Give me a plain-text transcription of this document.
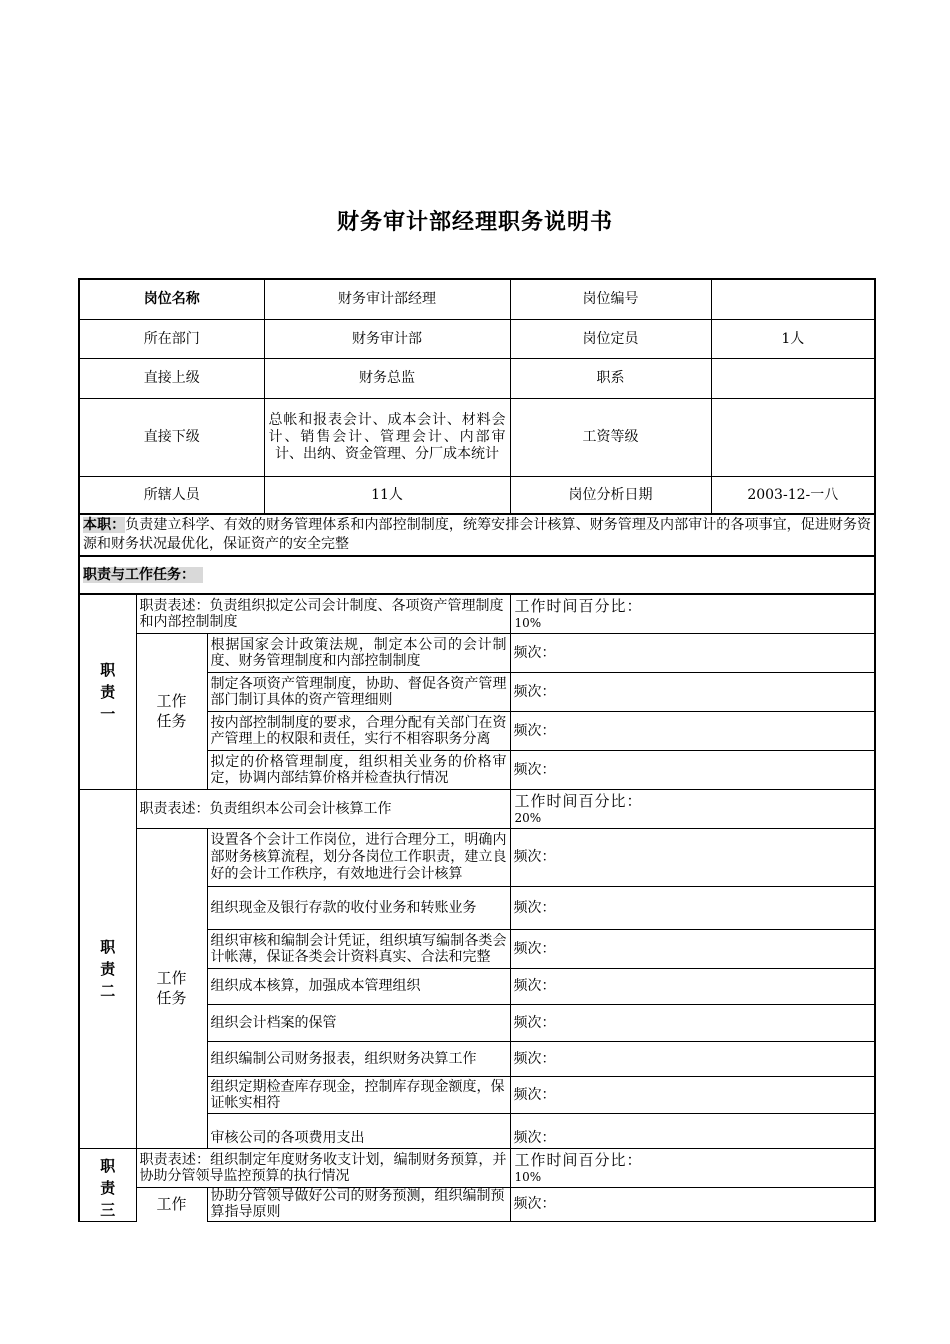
财务审计部经理职务说明书
岗位名称			财务审计部经理	岗位编号	
所在部门			财务审计部	岗位定员	1人
直接上级			财务总监	职系	
直接下级			总帐和报表会计、成本会计、材料会计、销售会计、管理会计、内部审计、出纳、资金管理、分厂成本统计	工资等级	
所辖人员			11人	岗位分析日期	2003-12-一八
本职：负责建立科学、有效的财务管理体系和内部控制制度，统筹安排会计核算、财务管理及内部审计的各项事宜，促进财务资源和财务状况最优化，保证资产的安全完整					
职责与工作任务：					
职责一	职责表述：负责组织拟定公司会计制度、各项资产管理制度和内部控制制度			工作时间百分比：
10%	

	工作任务	根据国家会计政策法规，制定本公司的会计制度、财务管理制度和内部控制制度		频次：	
		制定各项资产管理制度，协助、督促各资产管理部门制订具体的资产管理细则		频次：	
		按内部控制制度的要求，合理分配有关部门在资产管理上的权限和责任，实行不相容职务分离		频次：	
		拟定的价格管理制度，组织相关业务的价格审定，协调内部结算价格并检查执行情况		频次：	
职责二	职责表述：负责组织本公司会计核算工作			工作时间百分比：
20%	

	工作任务	设置各个会计工作岗位，进行合理分工，明确内部财务核算流程，划分各岗位工作职责，建立良好的会计工作秩序，有效地进行会计核算		频次：	
		组织现金及银行存款的收付业务和转账业务		频次：	
		组织审核和编制会计凭证，组织填写编制各类会计帐薄，保证各类会计资料真实、合法和完整		频次：	
		组织成本核算，加强成本管理组织		频次：	
		组织会计档案的保管		频次：	
		组织编制公司财务报表，组织财务决算工作		频次：	
		组织定期检查库存现金，控制库存现金额度，保证帐实相符		频次：	
		审核公司的各项费用支出		频次：	
职责三	职责表述：组织制定年度财务收支计划，编制财务预算，并协助分管领导监控预算的执行情况			工作时间百分比：
10%	

	工作	协助分管领导做好公司的财务预测，组织编制预算指导原则		频次：	
